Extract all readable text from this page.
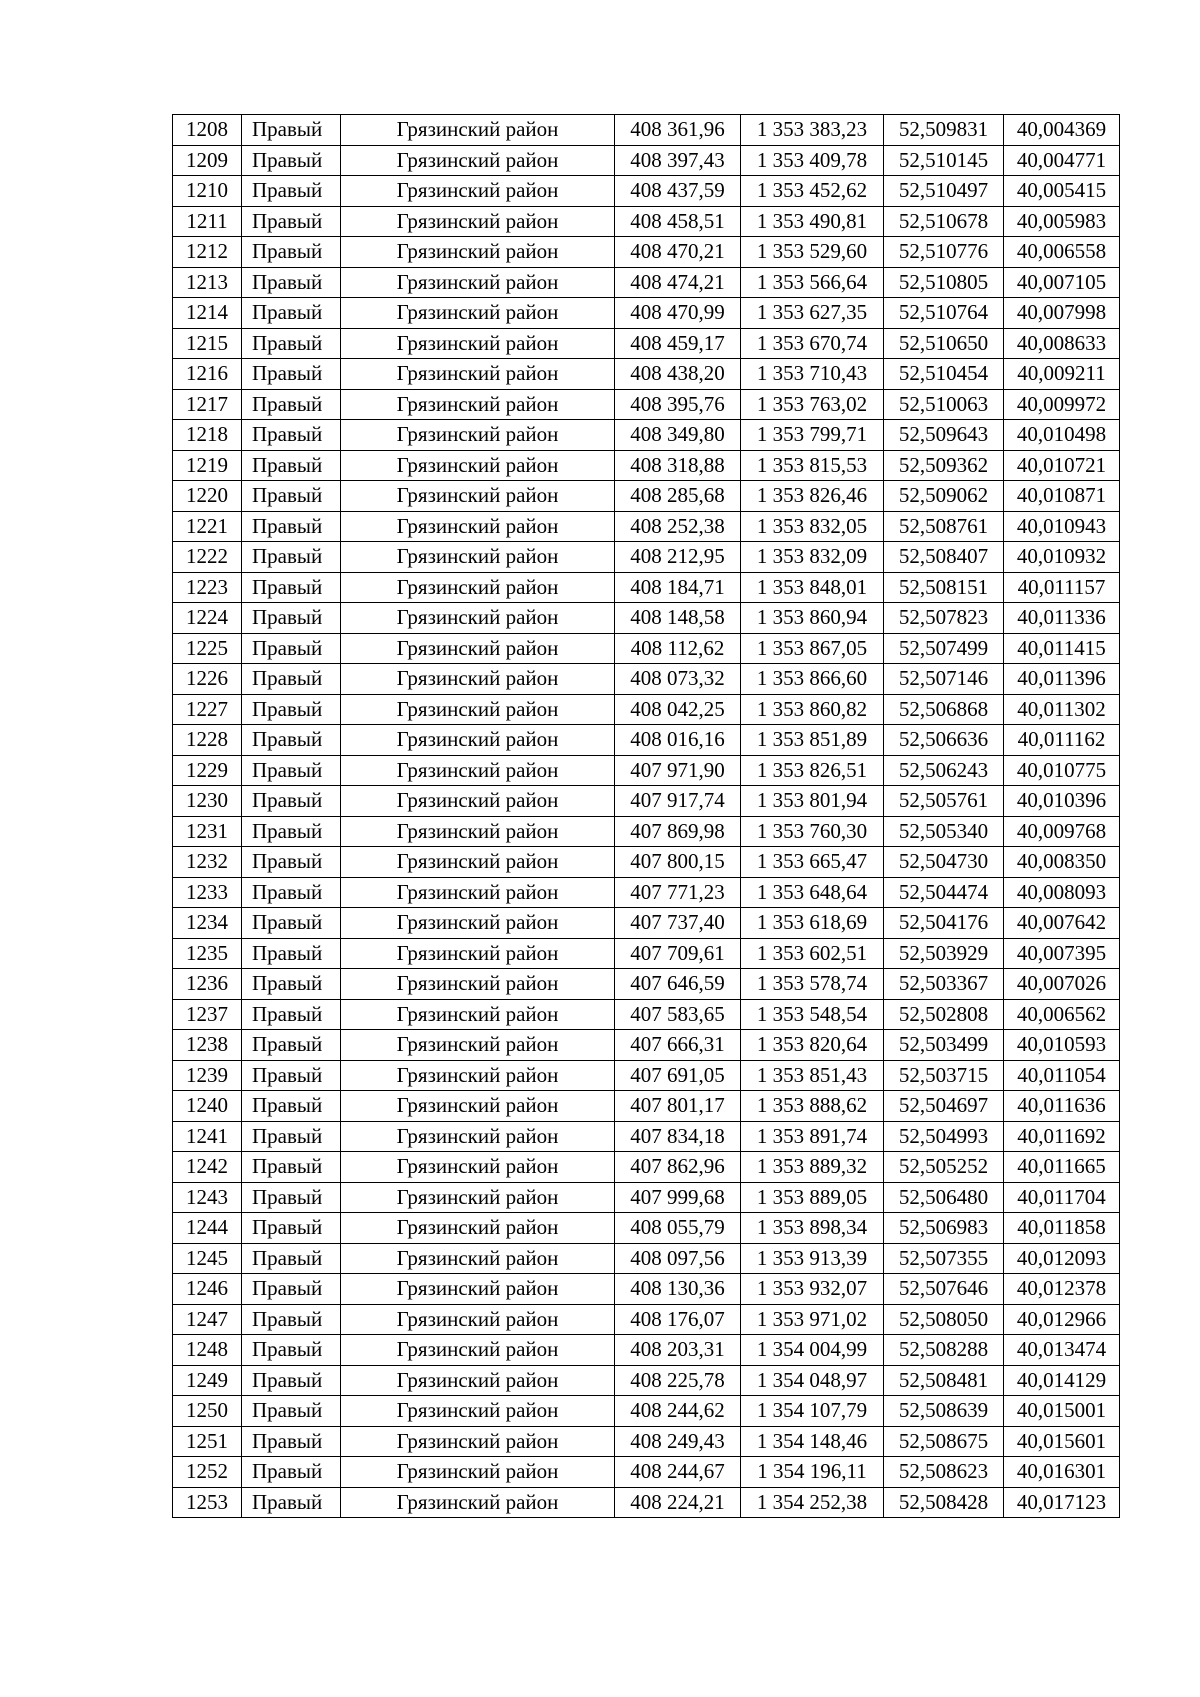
1208	Правый	Грязинский район	408 361,96	1 353 383,23	52,509831	40,004369
1209	Правый	Грязинский район	408 397,43	1 353 409,78	52,510145	40,004771
1210	Правый	Грязинский район	408 437,59	1 353 452,62	52,510497	40,005415
1211	Правый	Грязинский район	408 458,51	1 353 490,81	52,510678	40,005983
1212	Правый	Грязинский район	408 470,21	1 353 529,60	52,510776	40,006558
1213	Правый	Грязинский район	408 474,21	1 353 566,64	52,510805	40,007105
1214	Правый	Грязинский район	408 470,99	1 353 627,35	52,510764	40,007998
1215	Правый	Грязинский район	408 459,17	1 353 670,74	52,510650	40,008633
1216	Правый	Грязинский район	408 438,20	1 353 710,43	52,510454	40,009211
1217	Правый	Грязинский район	408 395,76	1 353 763,02	52,510063	40,009972
1218	Правый	Грязинский район	408 349,80	1 353 799,71	52,509643	40,010498
1219	Правый	Грязинский район	408 318,88	1 353 815,53	52,509362	40,010721
1220	Правый	Грязинский район	408 285,68	1 353 826,46	52,509062	40,010871
1221	Правый	Грязинский район	408 252,38	1 353 832,05	52,508761	40,010943
1222	Правый	Грязинский район	408 212,95	1 353 832,09	52,508407	40,010932
1223	Правый	Грязинский район	408 184,71	1 353 848,01	52,508151	40,011157
1224	Правый	Грязинский район	408 148,58	1 353 860,94	52,507823	40,011336
1225	Правый	Грязинский район	408 112,62	1 353 867,05	52,507499	40,011415
1226	Правый	Грязинский район	408 073,32	1 353 866,60	52,507146	40,011396
1227	Правый	Грязинский район	408 042,25	1 353 860,82	52,506868	40,011302
1228	Правый	Грязинский район	408 016,16	1 353 851,89	52,506636	40,011162
1229	Правый	Грязинский район	407 971,90	1 353 826,51	52,506243	40,010775
1230	Правый	Грязинский район	407 917,74	1 353 801,94	52,505761	40,010396
1231	Правый	Грязинский район	407 869,98	1 353 760,30	52,505340	40,009768
1232	Правый	Грязинский район	407 800,15	1 353 665,47	52,504730	40,008350
1233	Правый	Грязинский район	407 771,23	1 353 648,64	52,504474	40,008093
1234	Правый	Грязинский район	407 737,40	1 353 618,69	52,504176	40,007642
1235	Правый	Грязинский район	407 709,61	1 353 602,51	52,503929	40,007395
1236	Правый	Грязинский район	407 646,59	1 353 578,74	52,503367	40,007026
1237	Правый	Грязинский район	407 583,65	1 353 548,54	52,502808	40,006562
1238	Правый	Грязинский район	407 666,31	1 353 820,64	52,503499	40,010593
1239	Правый	Грязинский район	407 691,05	1 353 851,43	52,503715	40,011054
1240	Правый	Грязинский район	407 801,17	1 353 888,62	52,504697	40,011636
1241	Правый	Грязинский район	407 834,18	1 353 891,74	52,504993	40,011692
1242	Правый	Грязинский район	407 862,96	1 353 889,32	52,505252	40,011665
1243	Правый	Грязинский район	407 999,68	1 353 889,05	52,506480	40,011704
1244	Правый	Грязинский район	408 055,79	1 353 898,34	52,506983	40,011858
1245	Правый	Грязинский район	408 097,56	1 353 913,39	52,507355	40,012093
1246	Правый	Грязинский район	408 130,36	1 353 932,07	52,507646	40,012378
1247	Правый	Грязинский район	408 176,07	1 353 971,02	52,508050	40,012966
1248	Правый	Грязинский район	408 203,31	1 354 004,99	52,508288	40,013474
1249	Правый	Грязинский район	408 225,78	1 354 048,97	52,508481	40,014129
1250	Правый	Грязинский район	408 244,62	1 354 107,79	52,508639	40,015001
1251	Правый	Грязинский район	408 249,43	1 354 148,46	52,508675	40,015601
1252	Правый	Грязинский район	408 244,67	1 354 196,11	52,508623	40,016301
1253	Правый	Грязинский район	408 224,21	1 354 252,38	52,508428	40,017123
